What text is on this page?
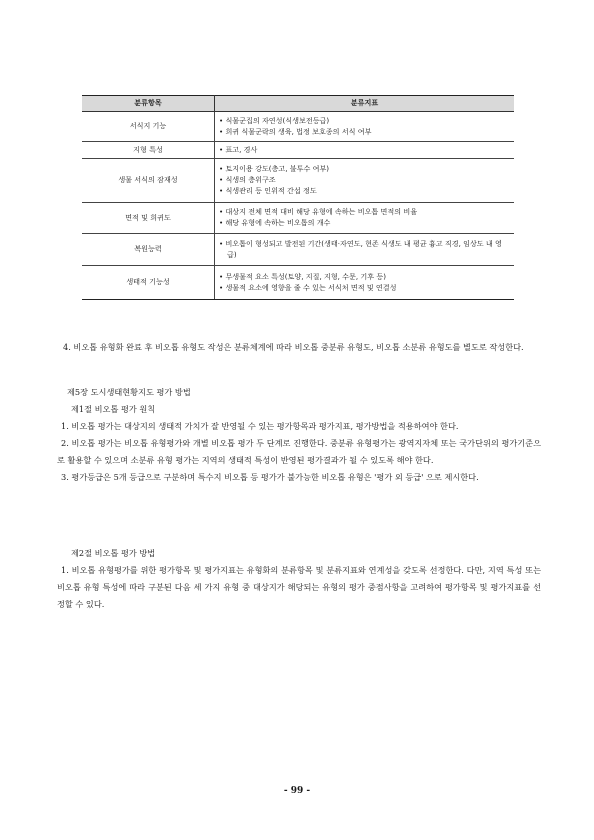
분류항목	분류지표
서식지 기능	• 식물군집의 자연성(식생보전등급)
• 희귀 식물군락의 생육, 법정 보호종의 서식 여부

지형 특성	• 표고, 경사

생물 서식의 잠재성	• 토지이용 강도(층고, 불투수 여부)
• 식생의 층위구조
• 식생관리 등 인위적 간섭 정도

면적 및 희귀도	• 대상지 전체 면적 대비 해당 유형에 속하는 비오톱 면적의 비율
• 해당 유형에 속하는 비오톱의 개수

복원능력	• 비오톱이 형성되고 발전된 기간(생태·자연도, 현존 식생도 내 평균 흉고 직경, 임상도 내 영급)

생태적 기능성	• 무생물적 요소 특성(토양, 지질, 지형, 수문, 기후 등)
• 생물적 요소에 영향을 줄 수 있는 서식처 면적 및 연결성

4. 비오톱 유형화 완료 후 비오톱 유형도 작성은 분류체계에 따라 비오톱 중분류 유형도, 비오톱 소분류 유형도를 별도로 작성한다.

제5장 도시생태현황지도 평가 방법

제1절 비오톱 평가 원칙

1. 비오톱 평가는 대상지의 생태적 가치가 잘 반영될 수 있는 평가항목과 평가지표, 평가방법을 적용하여야 한다.

2. 비오톱 평가는 비오톱 유형평가와 개별 비오톱 평가 두 단계로 진행한다. 중분류 유형평가는 광역지자체 또는 국가단위의 평가기준으로 활용할 수 있으며 소분류 유형 평가는 지역의 생태적 특성이 반영된 평가결과가 될 수 있도록 해야 한다.

3. 평가등급은 5개 등급으로 구분하며 특수지 비오톱 등 평가가 불가능한 비오톱 유형은 '평가 외 등급' 으로 제시한다.

제2절 비오톱 평가 방법

1. 비오톱 유형평가를 위한 평가항목 및 평가지표는 유형화의 분류항목 및 분류지표와 연계성을 갖도록 선정한다. 다만, 지역 특성 또는 비오톱 유형 특성에 따라 구분된 다음 세 가지 유형 중 대상지가 해당되는 유형의 평가 중점사항을 고려하여 평가항목 및 평가지표를 선정할 수 있다.

- 99 -
